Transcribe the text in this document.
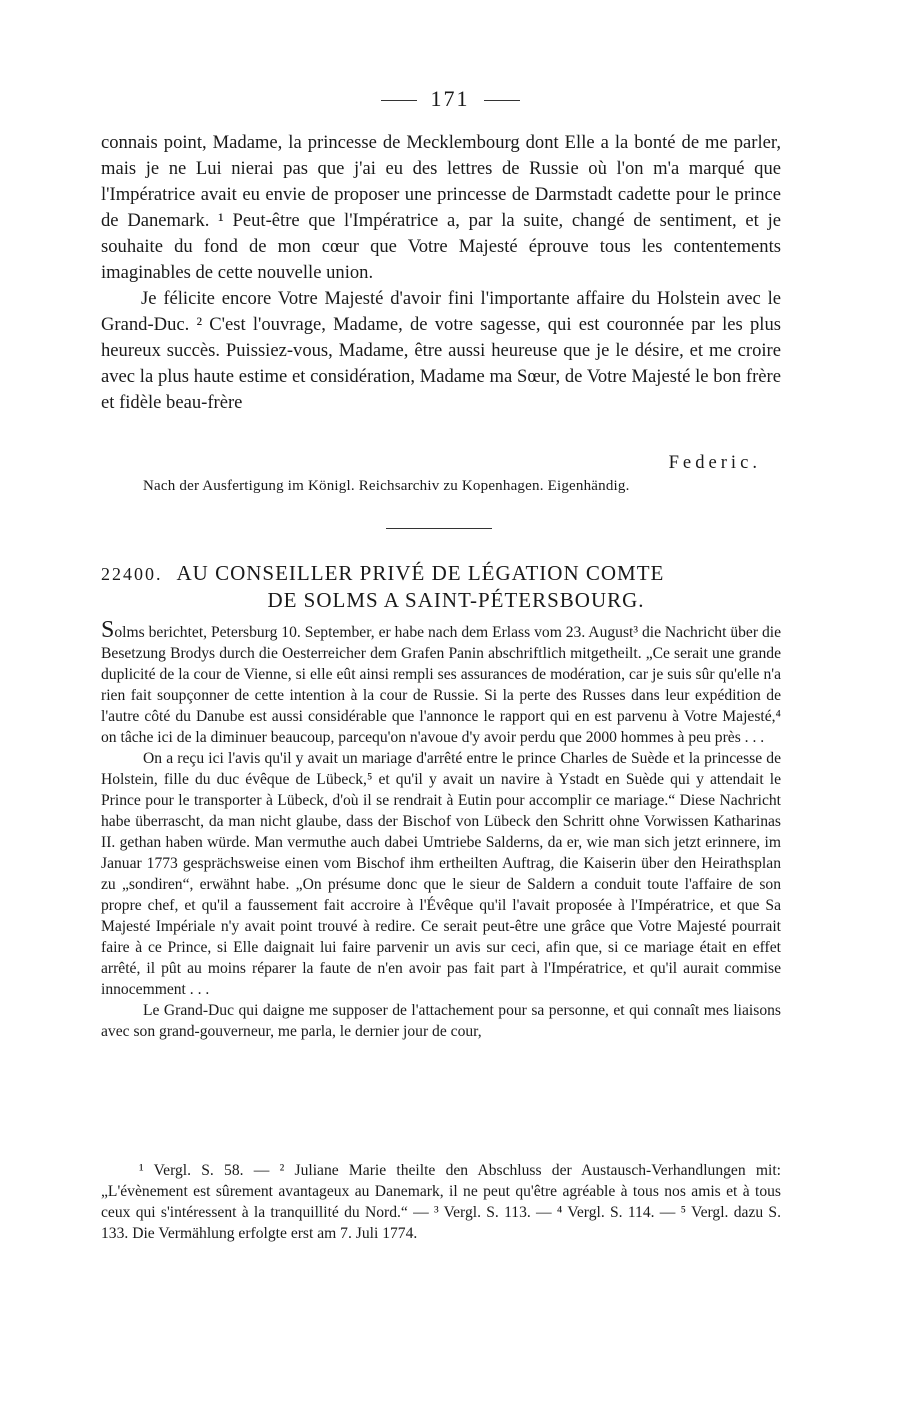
171

connais point, Madame, la princesse de Mecklembourg dont Elle a la bonté de me parler, mais je ne Lui nierai pas que j'ai eu des lettres de Russie où l'on m'a marqué que l'Impératrice avait eu envie de proposer une princesse de Darmstadt cadette pour le prince de Danemark. ¹ Peut-être que l'Impératrice a, par la suite, changé de sentiment, et je souhaite du fond de mon cœur que Votre Majesté éprouve tous les contentements imaginables de cette nouvelle union.

Je félicite encore Votre Majesté d'avoir fini l'importante affaire du Holstein avec le Grand-Duc. ² C'est l'ouvrage, Madame, de votre sagesse, qui est couronnée par les plus heureux succès. Puissiez-vous, Madame, être aussi heureuse que je le désire, et me croire avec la plus haute estime et considération, Madame ma Sœur, de Votre Majesté le bon frère et fidèle beau-frère

Federic.
Nach der Ausfertigung im Königl. Reichsarchiv zu Kopenhagen. Eigenhändig.
22400. AU CONSEILLER PRIVÉ DE LÉGATION COMTE
DE SOLMS A SAINT-PÉTERSBOURG.

Solms berichtet, Petersburg 10. September, er habe nach dem Erlass vom 23. August³ die Nachricht über die Besetzung Brodys durch die Oesterreicher dem Grafen Panin abschriftlich mitgetheilt. „Ce serait une grande duplicité de la cour de Vienne, si elle eût ainsi rempli ses assurances de modération, car je suis sûr qu'elle n'a rien fait soupçonner de cette intention à la cour de Russie. Si la perte des Russes dans leur expédition de l'autre côté du Danube est aussi considérable que l'annonce le rapport qui en est parvenu à Votre Majesté,⁴ on tâche ici de la diminuer beaucoup, parcequ'on n'avoue d'y avoir perdu que 2000 hommes à peu près . . .

On a reçu ici l'avis qu'il y avait un mariage d'arrêté entre le prince Charles de Suède et la princesse de Holstein, fille du duc évêque de Lübeck,⁵ et qu'il y avait un navire à Ystadt en Suède qui y attendait le Prince pour le transporter à Lübeck, d'où il se rendrait à Eutin pour accomplir ce mariage.“ Diese Nachricht habe überrascht, da man nicht glaube, dass der Bischof von Lübeck den Schritt ohne Vorwissen Katharinas II. gethan haben würde. Man vermuthe auch dabei Umtriebe Salderns, da er, wie man sich jetzt erinnere, im Januar 1773 gesprächsweise einen vom Bischof ihm ertheilten Auftrag, die Kaiserin über den Heirathsplan zu „sondiren“, erwähnt habe. „On présume donc que le sieur de Saldern a conduit toute l'affaire de son propre chef, et qu'il a faussement fait accroire à l'Évêque qu'il l'avait proposée à l'Impératrice, et que Sa Majesté Impériale n'y avait point trouvé à redire. Ce serait peut-être une grâce que Votre Majesté pourrait faire à ce Prince, si Elle daignait lui faire parvenir un avis sur ceci, afin que, si ce mariage était en effet arrêté, il pût au moins réparer la faute de n'en avoir pas fait part à l'Impératrice, et qu'il aurait commise innocemment . . .

Le Grand-Duc qui daigne me supposer de l'attachement pour sa personne, et qui connaît mes liaisons avec son grand-gouverneur, me parla, le dernier jour de cour,

¹ Vergl. S. 58. — ² Juliane Marie theilte den Abschluss der Austausch-Verhandlungen mit: „L'évènement est sûrement avantageux au Danemark, il ne peut qu'être agréable à tous nos amis et à tous ceux qui s'intéressent à la tranquillité du Nord.“ — ³ Vergl. S. 113. — ⁴ Vergl. S. 114. — ⁵ Vergl. dazu S. 133. Die Vermählung erfolgte erst am 7. Juli 1774.
